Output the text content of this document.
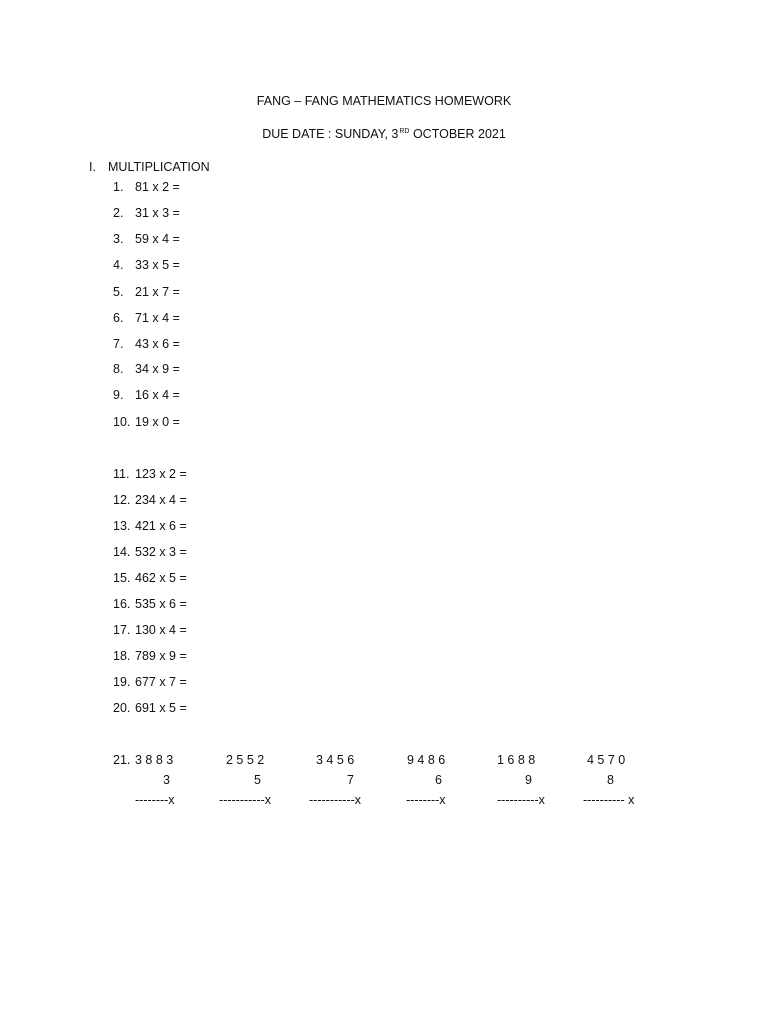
FANG – FANG MATHEMATICS HOMEWORK
DUE DATE : SUNDAY, 3RD OCTOBER 2021
I. MULTIPLICATION
1. 81 x 2 =
2. 31 x 3 =
3. 59 x 4 =
4. 33 x 5 =
5. 21 x 7 =
6. 71 x 4 =
7. 43 x 6 =
8. 34 x 9 =
9. 16 x 4 =
10. 19 x 0 =
11. 123 x 2 =
12. 234 x 4 =
13. 421 x 6 =
14. 532 x 3 =
15. 462 x 5 =
16. 535 x 6 =
17. 130 x 4 =
18. 789 x 9 =
19. 677 x 7 =
20. 691 x 5 =
21. 3 8 8 3
3
--------x
2 5 5 2
5
-----------x
3 4 5 6
7
-----------x
9 4 8 6
6
--------x
1 6 8 8
9
----------x
4 5 7 0
8
---------- x
